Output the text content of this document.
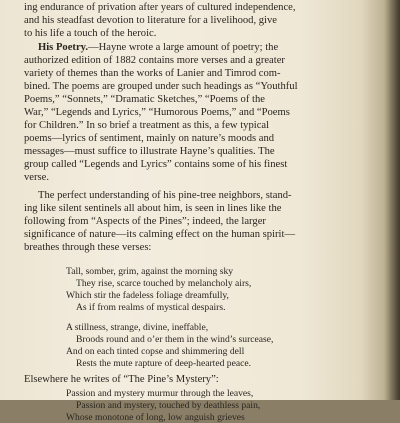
ing endurance of privation after years of cultured independence,
and his steadfast devotion to literature for a livelihood, give
to his life a touch of the heroic.
His Poetry.—Hayne wrote a large amount of poetry; the
authorized edition of 1882 contains more verses and a greater
variety of themes than the works of Lanier and Timrod com-
bined. The poems are grouped under such headings as “Youthful
Poems,” “Sonnets,” “Dramatic Sketches,” “Poems of the
War,” “Legends and Lyrics,” “Humorous Poems,” and “Poems
for Children.” In so brief a treatment as this, a few typical
poems—lyrics of sentiment, mainly on nature’s moods and
messages—must suffice to illustrate Hayne’s qualities. The
group called “Legends and Lyrics” contains some of his finest
verse.
The perfect understanding of his pine-tree neighbors, stand-
ing like silent sentinels all about him, is seen in lines like the
following from “Aspects of the Pines”; indeed, the larger
significance of nature—its calming effect on the human spirit—
breathes through these verses:
Tall, somber, grim, against the morning sky
They rise, scarce touched by melancholy airs,
Which stir the fadeless foliage dreamfully,
As if from realms of mystical despairs.
A stillness, strange, divine, ineffable,
Broods round and o’er them in the wind’s surcease,
And on each tinted copse and shimmering dell
Rests the mute rapture of deep-hearted peace.
Elsewhere he writes of “The Pine’s Mystery”:
Passion and mystery murmur through the leaves,
Passion and mystery, touched by deathless pain,
Whose monotone of long, low anguish grieves
